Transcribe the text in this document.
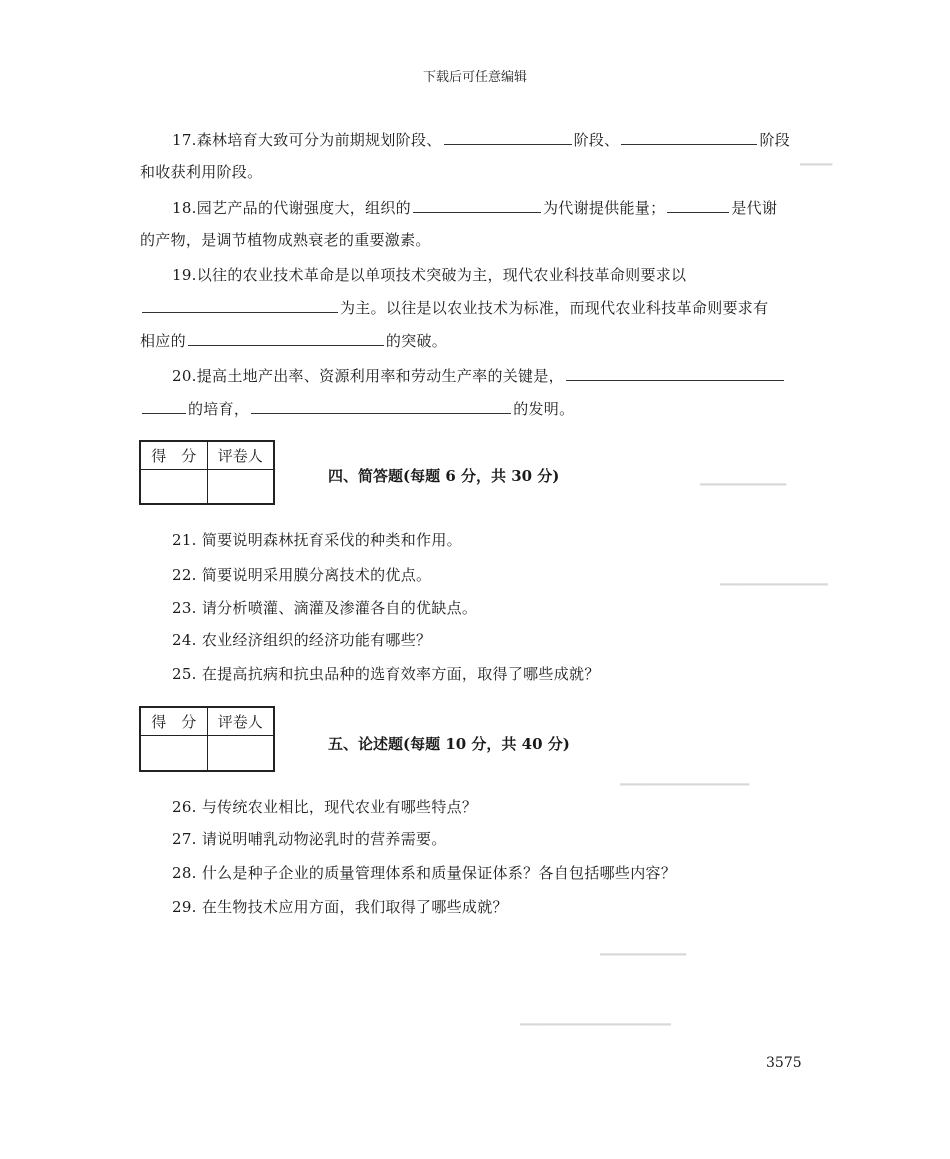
▁▁▁
▁▁▁▁▁▁▁▁
▁▁▁▁▁▁▁▁▁▁
▁▁▁▁▁▁▁▁▁▁▁▁
▁▁▁▁▁▁▁▁
▁▁▁▁▁▁▁▁▁▁▁▁▁▁
下载后可任意编辑
17.森林培育大致可分为前期规划阶段、	阶段、	阶段
和收获利用阶段。
18.园艺产品的代谢强度大，组织的	为代谢提供能量；	是代谢
的产物，是调节植物成熟衰老的重要激素。
19.以往的农业技术革命是以单项技术突破为主，现代农业科技革命则要求以
为主。以往是以农业技术为标准，而现代农业科技革命则要求有
相应的	的突破。
20.提高土地产出率、资源利用率和劳动生产率的关键是，
的培育，	的发明。
得　分	评卷人

四、简答题(每题 6 分，共 30 分)
21. 简要说明森林抚育采伐的种类和作用。
22. 简要说明采用膜分离技术的优点。
23. 请分析喷灌、滴灌及渗灌各自的优缺点。
24. 农业经济组织的经济功能有哪些？
25. 在提高抗病和抗虫品种的选育效率方面，取得了哪些成就？
得　分	评卷人

五、论述题(每题 10 分，共 40 分)
26. 与传统农业相比，现代农业有哪些特点？
27. 请说明哺乳动物泌乳时的营养需要。
28. 什么是种子企业的质量管理体系和质量保证体系？各自包括哪些内容？
29. 在生物技术应用方面，我们取得了哪些成就？
3575
